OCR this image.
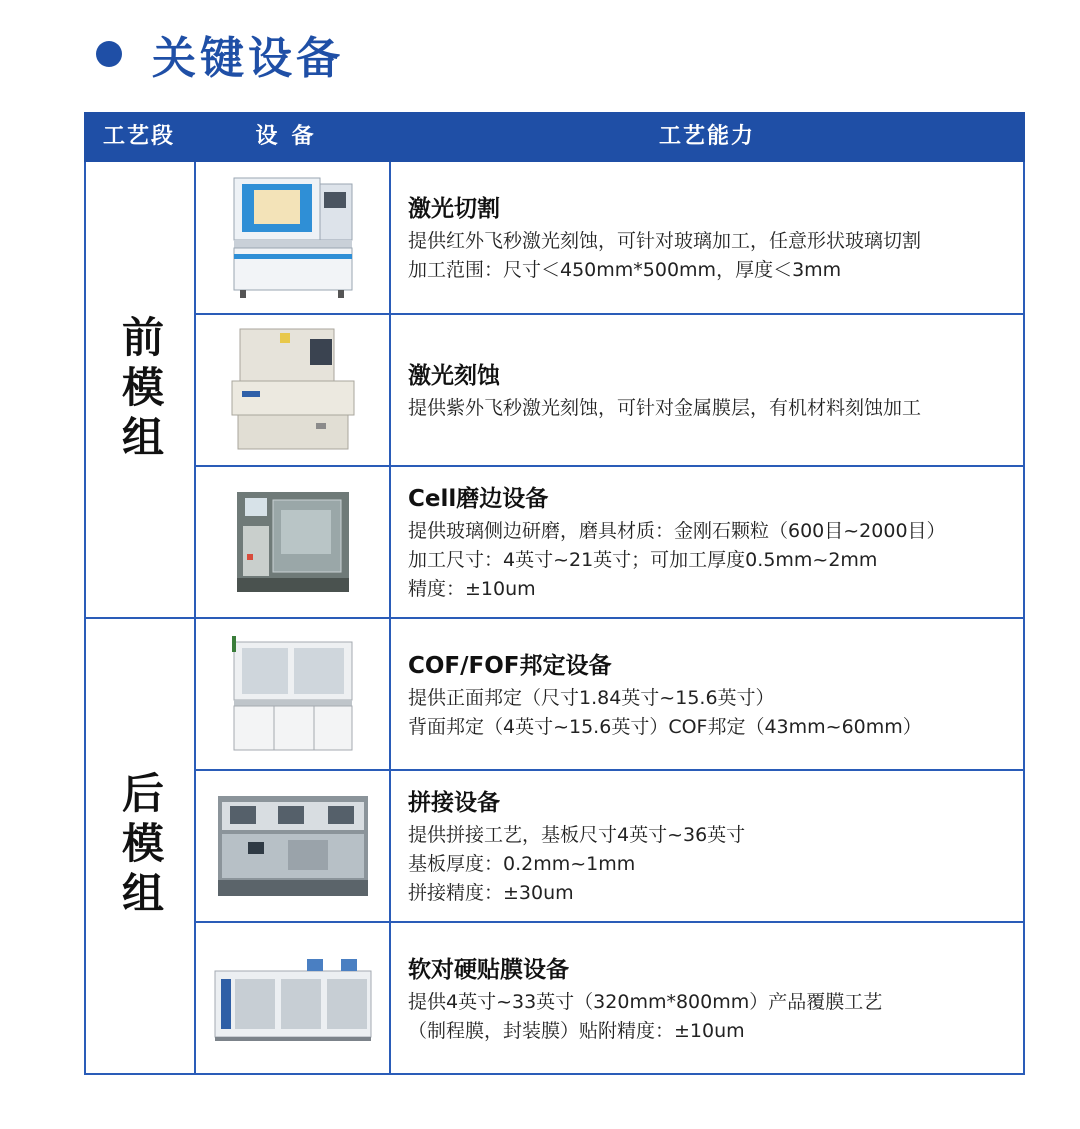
关键设备
工艺段	设备	工艺能力
前模组
后模组
激光切割
提供红外飞秒激光刻蚀，可针对玻璃加工，任意形状玻璃切割
加工范围：尺寸＜450mm*500mm，厚度＜3mm
激光刻蚀
提供紫外飞秒激光刻蚀，可针对金属膜层，有机材料刻蚀加工
Cell磨边设备
提供玻璃侧边研磨，磨具材质：金刚石颗粒（600目~2000目）
加工尺寸：4英寸~21英寸；可加工厚度0.5mm~2mm
精度：±10um
COF/FOF邦定设备
提供正面邦定（尺寸1.84英寸~15.6英寸）
背面邦定（4英寸~15.6英寸）COF邦定（43mm~60mm）
拼接设备
提供拼接工艺，基板尺寸4英寸~36英寸
基板厚度：0.2mm~1mm
拼接精度：±30um
软对硬贴膜设备
提供4英寸~33英寸（320mm*800mm）产品覆膜工艺
（制程膜，封装膜）贴附精度：±10um
